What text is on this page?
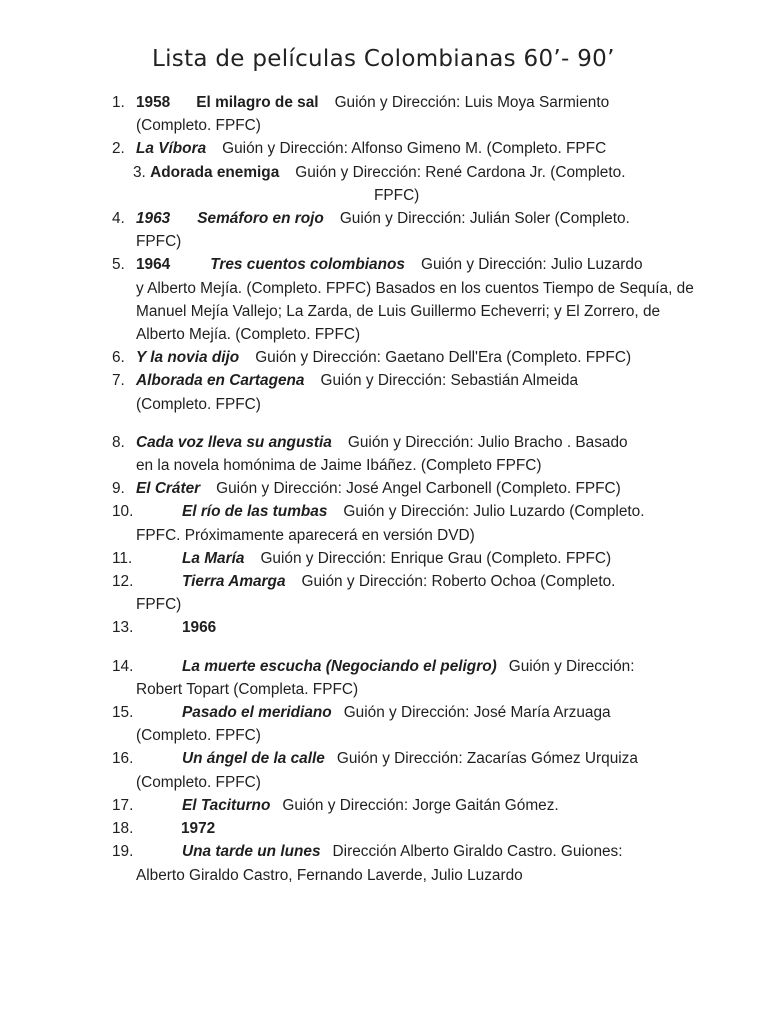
Lista de películas Colombianas 60’- 90’
1. 1958 El milagro de sal Guión y Dirección: Luis Moya Sarmiento
(Completo. FPFC)
2. La Víbora Guión y Dirección: Alfonso Gimeno M. (Completo. FPFC
3. Adorada enemiga Guión y Dirección: René Cardona Jr. (Completo.
FPFC)
4. 1963 Semáforo en rojo Guión y Dirección: Julián Soler (Completo.
FPFC)
5. 1964	Tres cuentos colombianos Guión y Dirección: Julio Luzardo
y Alberto Mejía. (Completo. FPFC) Basados en los cuentos Tiempo de Sequía, de Manuel Mejía Vallejo; La Zarda, de Luis Guillermo Echeverri; y El Zorrero, de Alberto Mejía. (Completo. FPFC)
6. Y la novia dijo Guión y Dirección: Gaetano Dell'Era (Completo. FPFC)
7. Alborada en Cartagena Guión y Dirección: Sebastián Almeida
(Completo. FPFC)
8. Cada voz lleva su angustia Guión y Dirección: Julio Bracho . Basado
en la novela homónima de Jaime Ibáñez. (Completo FPFC)
9. El Cráter Guión y Dirección: José Angel Carbonell (Completo. FPFC)
10.	El río de las tumbas Guión y Dirección: Julio Luzardo (Completo.
FPFC. Próximamente aparecerá en versión DVD)
11.	La María Guión y Dirección: Enrique Grau (Completo. FPFC)
12.	Tierra Amarga Guión y Dirección: Roberto Ochoa (Completo.
FPFC)
13.	1966
14.	La muerte escucha (Negociando el peligro) Guión y Dirección:
Robert Topart (Completa. FPFC)
15.	Pasado el meridiano Guión y Dirección: José María Arzuaga
(Completo. FPFC)
16.	Un ángel de la calle Guión y Dirección: Zacarías Gómez Urquiza
(Completo. FPFC)
17.	El Taciturno Guión y Dirección: Jorge Gaitán Gómez.
18.	1972
19.	Una tarde un lunes Dirección Alberto Giraldo Castro. Guiones:
Alberto Giraldo Castro, Fernando Laverde, Julio Luzardo
